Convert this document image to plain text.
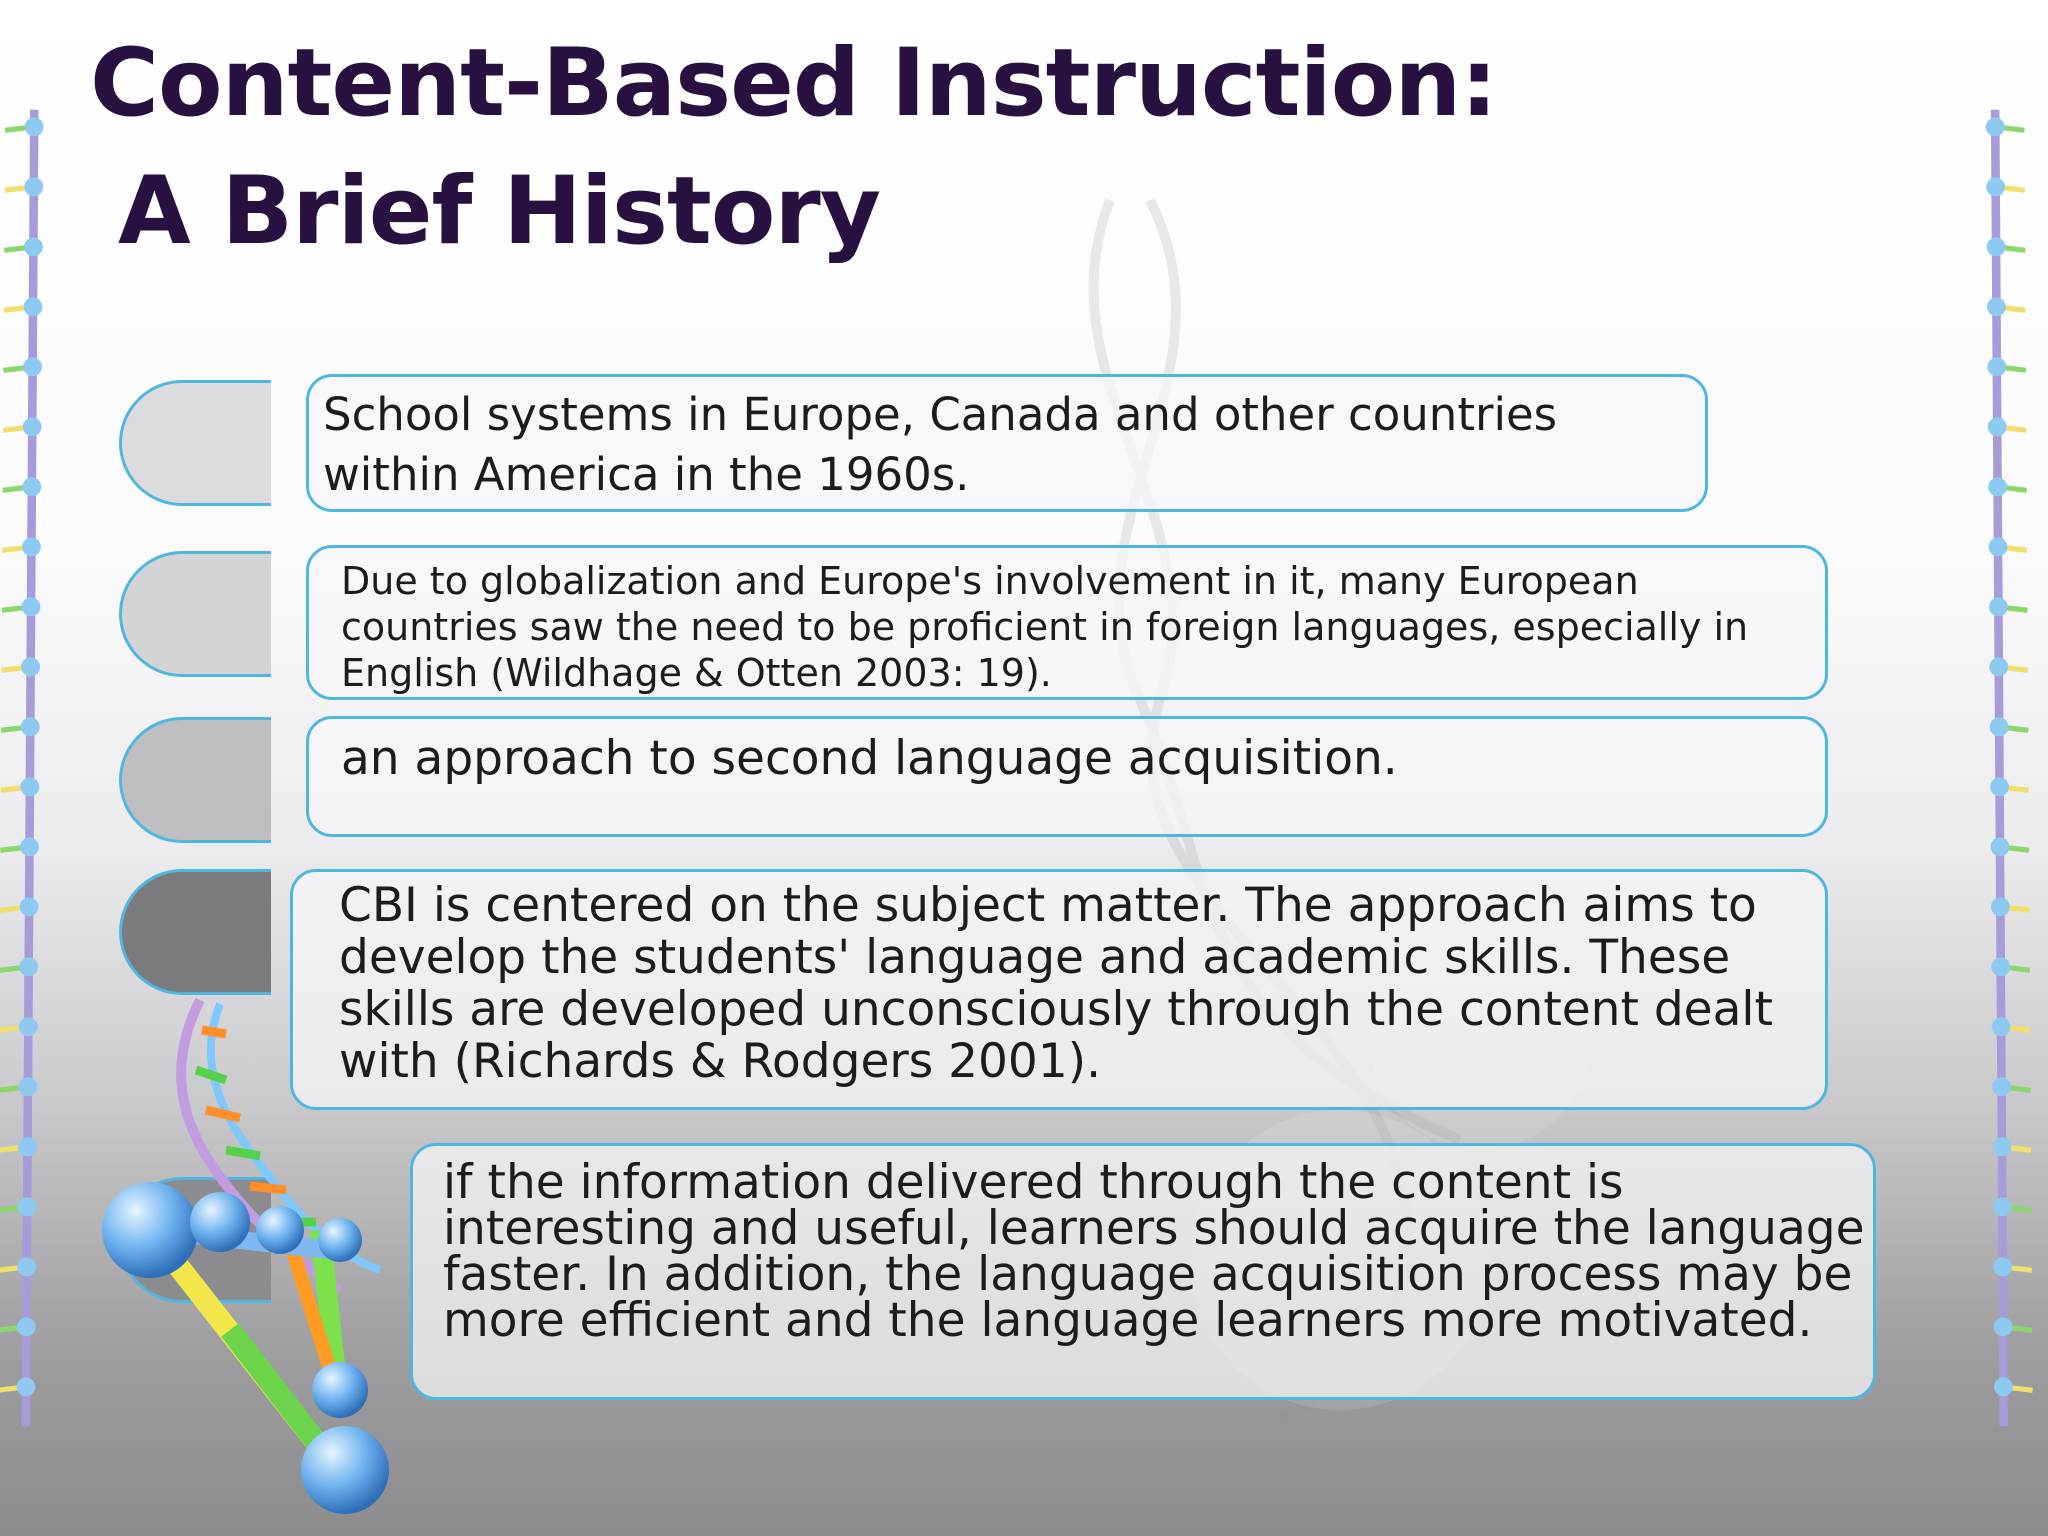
Content-Based Instruction:
A Brief History

School systems in Europe, Canada and other countries within America in the 1960s.

Due to globalization and Europe's involvement in it, many European countries saw the need to be proficient in foreign languages, especially in English (Wildhage & Otten 2003: 19).

an approach to second language acquisition.

CBI is centered on the subject matter. The approach aims to develop the students' language and academic skills. These skills are developed unconsciously through the content dealt with (Richards & Rodgers 2001).

if the information delivered through the content is interesting and useful, learners should acquire the language faster. In addition, the language acquisition process may be more efficient and the language learners more motivated.
